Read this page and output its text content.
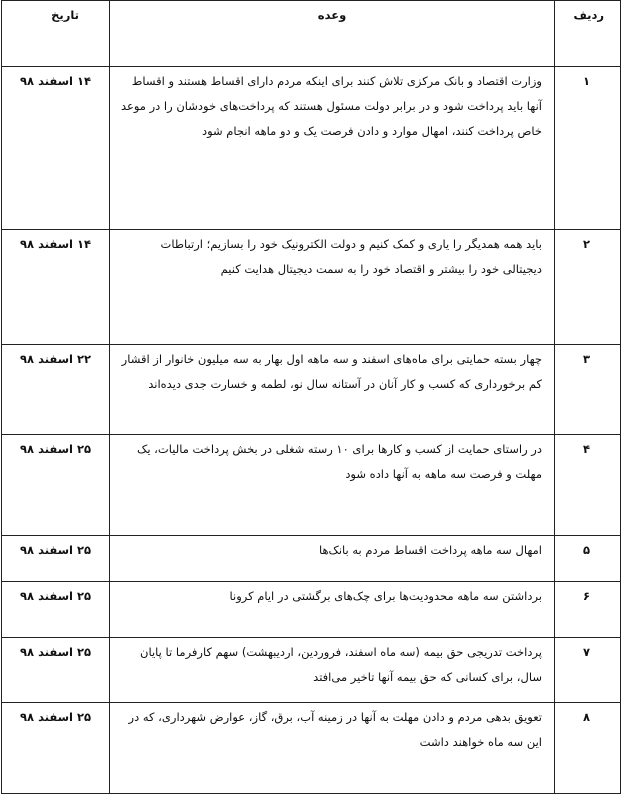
ردیف	وعده	تاریخ
۱	وزارت اقتصاد و بانک مرکزی تلاش کنند برای اینکه مردم دارای اقساط هستند و اقساط آنها باید پرداخت شود و در برابر دولت مسئول هستند که پرداخت‌های خودشان را در موعد خاص پرداخت کنند، امهال موارد و دادن فرصت یک و دو ماهه انجام شود	۱۴ اسفند ۹۸
۲	باید همه همدیگر را یاری و کمک کنیم و دولت الکترونیک خود را بسازیم؛ ارتباطات دیجیتالی خود را بیشتر و اقتصاد خود را به سمت دیجیتال هدایت کنیم	۱۴ اسفند ۹۸
۳	چهار بسته حمایتی برای ماه‌های اسفند و سه ماهه اول بهار به سه میلیون خانوار از اقشار کم برخورداری که کسب و کار آنان در آستانه سال نو، لطمه و خسارت جدی دیده‌اند	۲۲ اسفند ۹۸
۴	در راستای حمایت از کسب و کارها برای ۱۰ رسته شغلی در بخش پرداخت مالیات، یک مهلت و فرصت سه ماهه به آنها داده شود	۲۵ اسفند ۹۸
۵	امهال سه ماهه پرداخت اقساط مردم به بانک‌ها	۲۵ اسفند ۹۸
۶	برداشتن سه ماهه محدودیت‌ها برای چک‌های برگشتی در ایام کرونا	۲۵ اسفند ۹۸
۷	پرداخت تدریجی حق بیمه (سه ماه اسفند، فروردین، اردیبهشت) سهم کارفرما تا پایان سال، برای کسانی که حق بیمه آنها تاخیر می‌افتد	۲۵ اسفند ۹۸
۸	تعویق بدهی مردم و دادن مهلت به آنها در زمینه آب، برق، گاز، عوارض شهرداری، که در این سه ماه خواهند داشت	۲۵ اسفند ۹۸
